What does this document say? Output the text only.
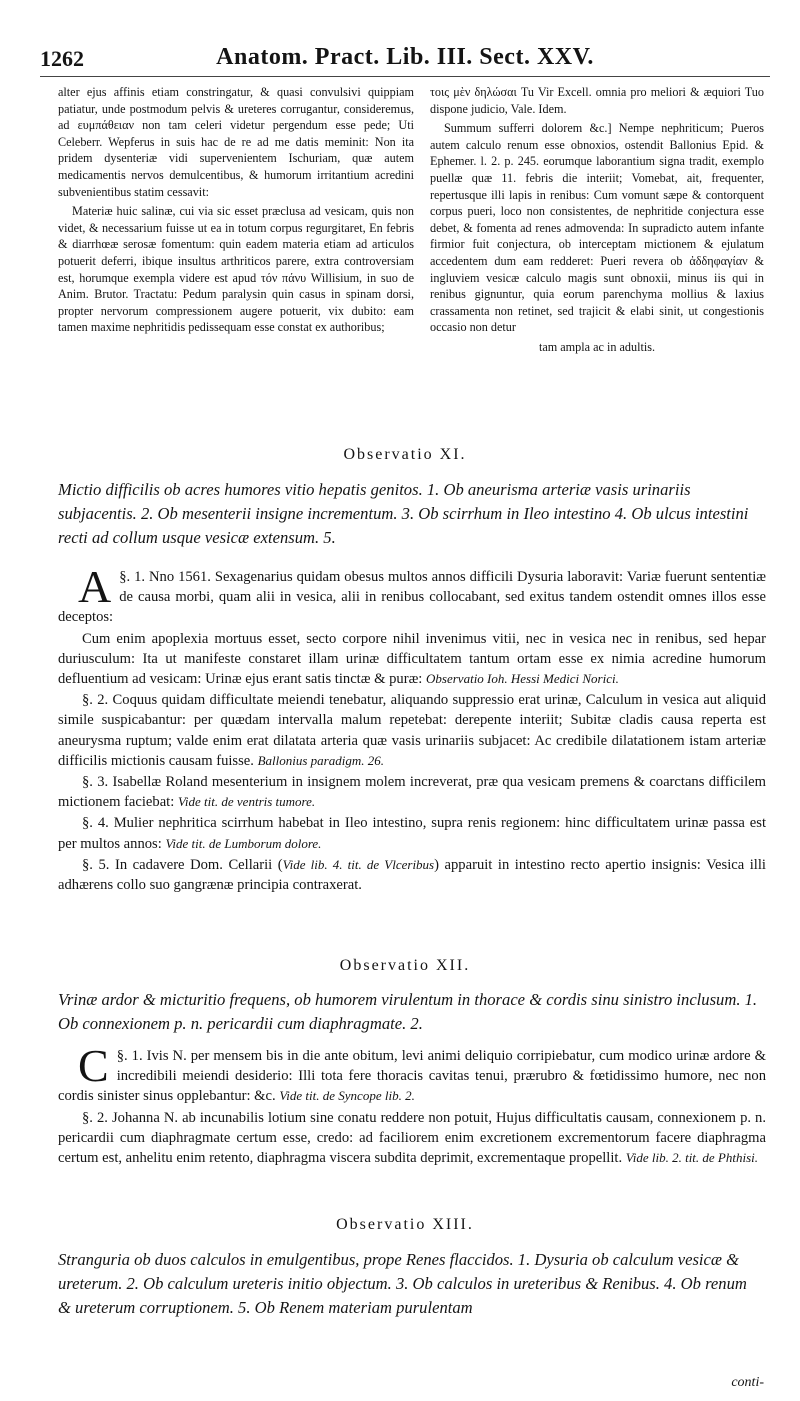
1262	Anatom. Pract. Lib. III. Sect. XXV.

alter ejus affinis etiam constringatur, & quasi convulsivi quippiam patiatur, unde postmodum pelvis & ureteres corrugantur, consideremus, ad ευμπάθειαν non tam celeri videtur pergendum esse pede; Uti Celeberr. Wepferus in suis hac de re ad me datis meminit: Non ita pridem dysenteriæ vidi supervenientem Ischuriam, quæ autem medicamentis nervos demulcentibus, & humorum irritantium acredini subvenientibus statim cessavit:

Materiæ huic salinæ, cui via sic esset præclusa ad vesicam, quis non videt, & necessarium fuisse ut ea in totum corpus regurgitaret, En febris & diarrhœæ serosæ fomentum: quin eadem materia etiam ad articulos potuerit deferri, ibique insultus arthriticos parere, extra controversiam est, horumque exempla videre est apud τόν πάνυ Willisium, in suo de Anim. Brutor. Tractatu: Pedum paralysin quin casus in spinam dorsi, propter nervorum compressionem augere potuerit, vix dubito: eam tamen maxime nephritidis pedissequam esse constat ex authoribus;

τοις μὲν δηλώσαι Tu Vir Excell. omnia pro meliori & æquiori Tuo dispone judicio, Vale. Idem.

Summum sufferri dolorem &c.] Nempe nephriticum; Pueros autem calculo renum esse obnoxios, ostendit Ballonius Epid. & Ephemer. l. 2. p. 245. eorumque laborantium signa tradit, exemplo puellæ quæ 11. febris die interiit; Vomebat, ait, frequenter, repertusque illi lapis in renibus: Cum vomunt sæpe & contorquent corpus pueri, loco non consistentes, de nephritide conjectura esse debet, & fomenta ad renes admovenda: In supradicto autem infante firmior fuit conjectura, ob interceptam mictionem & ejulatum accedentem dum eam redderet: Pueri revera ob ἀδδηφαγίαν & ingluviem vesicæ calculo magis sunt obnoxii, minus iis qui in renibus gignuntur, quia eorum parenchyma mollius & laxius crassamenta non retinet, sed trajicit & elabi sinit, ut congestionis occasio non detur

tam ampla ac in adultis.

Observatio XI.
Mictio difficilis ob acres humores vitio hepatis genitos. 1. Ob aneurisma arteriæ vasis urinariis subjacentis. 2. Ob mesenterii insigne incrementum. 3. Ob scirrhum in Ileo intestino 4. Ob ulcus intestini recti ad collum usque vesicæ extensum. 5.

§. 1.
A	Nno 1561. Sexagenarius quidam obesus multos annos difficili Dysuria laboravit: Variæ fuerunt sententiæ de causa morbi, quam alii in vesica, alii in renibus collocabant, sed exitus tandem ostendit omnes illos esse deceptos:

Cum enim apoplexia mortuus esset, secto corpore nihil invenimus vitii, nec in vesica nec in renibus, sed hepar duriusculum: Ita ut manifeste constaret illam urinæ difficultatem tantum ortam esse ex nimia acredine humorum defluentium ad vesicam: Urinæ ejus erant satis tinctæ & puræ: Observatio Ioh. Hessi Medici Norici.

§. 2. Coquus quidam difficultate meiendi tenebatur, aliquando suppressio erat urinæ, Calculum in vesica aut aliquid simile suspicabantur: per quædam intervalla malum repetebat: derepente interiit; Subitæ cladis causa reperta est aneurysma ruptum; valde enim erat dilatata arteria quæ vasis urinariis subjacet: Ac credibile dilatationem istam arteriæ difficilis mictionis causam fuisse. Ballonius paradigm. 26.

§. 3. Isabellæ Roland mesenterium in insignem molem increverat, præ qua vesicam premens & coarctans difficilem mictionem faciebat: Vide tit. de ventris tumore.

§. 4. Mulier nephritica scirrhum habebat in Ileo intestino, supra renis regionem: hinc difficultatem urinæ passa est per multos annos: Vide tit. de Lumborum dolore.

§. 5. In cadavere Dom. Cellarii (Vide lib. 4. tit. de Vlceribus) apparuit in intestino recto apertio insignis: Vesica illi adhærens collo suo gangrænæ principia contraxerat.

Observatio XII.
Vrinæ ardor & micturitio frequens, ob humorem virulentum in thorace & cordis sinu sinistro inclusum. 1. Ob connexionem p. n. pericardii cum diaphragmate. 2.

§. 1.
C	Ivis N. per mensem bis in die ante obitum, levi animi deliquio corripiebatur, cum modico urinæ ardore & incredibili meiendi desiderio: Illi tota fere thoracis cavitas tenui, prærubro & fœtidissimo humore, nec non cordis sinister sinus opplebantur: &c. Vide tit. de Syncope lib. 2.

§. 2. Johanna N. ab incunabilis lotium sine conatu reddere non potuit, Hujus difficultatis causam, connexionem p. n. pericardii cum diaphragmate certum esse, credo: ad faciliorem enim excretionem excrementorum facere diaphragma certum est, anhelitu enim retento, diaphragma viscera subdita deprimit, excrementaque propellit. Vide lib. 2. tit. de Phthisi.

Observatio XIII.
Stranguria ob duos calculos in emulgentibus, prope Renes flaccidos. 1. Dysuria ob calculum vesicæ & ureterum. 2. Ob calculum ureteris initio objectum. 3. Ob calculos in ureteribus & Renibus. 4. Ob renum & ureterum corruptionem. 5. Ob Renem materiam purulentam
conti-
